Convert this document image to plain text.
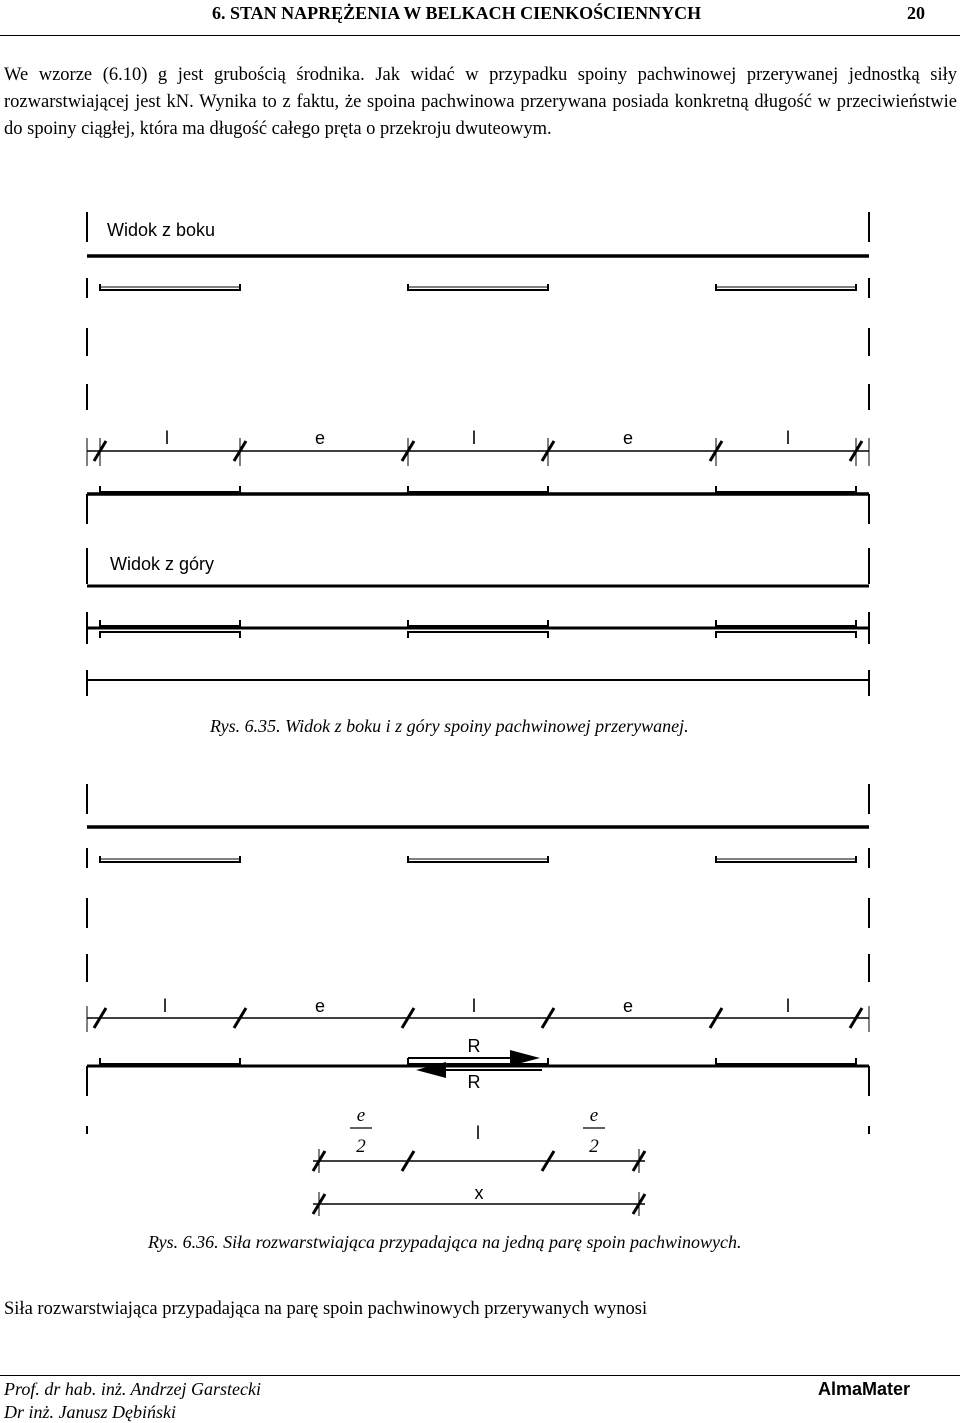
6. STAN NAPRĘŻENIA W BELKACH CIENKOŚCIENNYCH	20

We wzorze (6.10) g jest grubością środnika. Jak widać w przypadku spoiny pachwinowej przerywanej jednostką siły rozwarstwiającej jest kN. Wynika to z faktu, że spoina pachwinowa przerywana posiada konkretną długość w przeciwieństwie do spoiny ciągłej, która ma długość całego pręta o przekroju dwuteowym.

Widok z boku
l	e	l	e	l
Widok z góry
Rys. 6.35. Widok z boku i z góry spoiny pachwinowej przerywanej.
l	e	l	e	l
R
R
e
2
l
e
2
x
Rys. 6.36. Siła rozwarstwiająca przypadająca na jedną parę spoin pachwinowych.
Siła rozwarstwiająca przypadająca na parę spoin pachwinowych przerywanych wynosi
Prof. dr hab. inż. Andrzej Garstecki
Dr inż. Janusz Dębiński
AlmaMater
